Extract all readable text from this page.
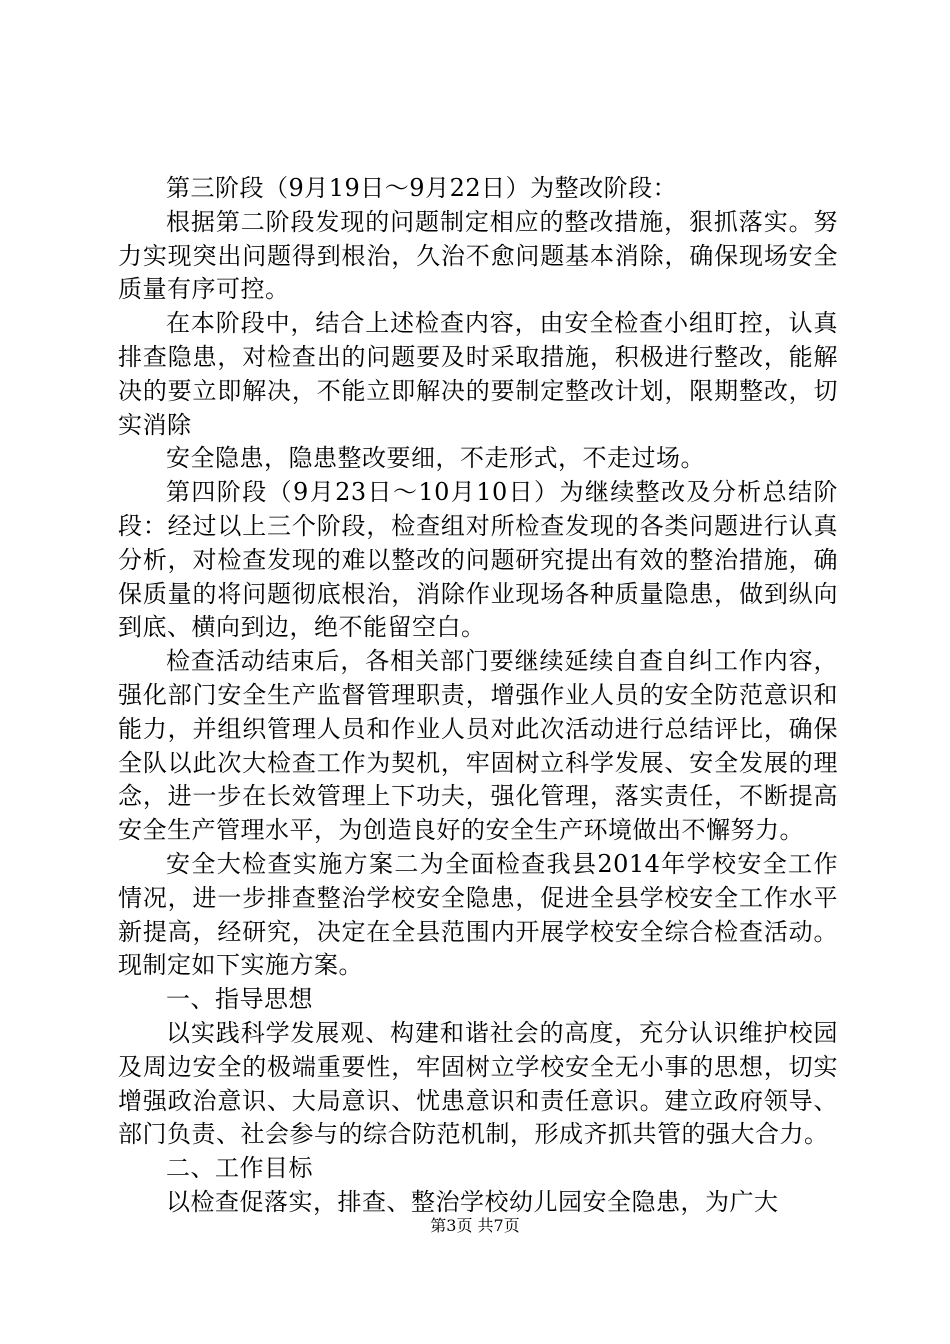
第三阶段（9月19日～9月22日）为整改阶段：

根据第二阶段发现的问题制定相应的整改措施，狠抓落实。努力实现突出问题得到根治，久治不愈问题基本消除，确保现场安全质量有序可控。

在本阶段中，结合上述检查内容，由安全检查小组盯控，认真排查隐患，对检查出的问题要及时采取措施，积极进行整改，能解决的要立即解决，不能立即解决的要制定整改计划，限期整改，切实消除

安全隐患，隐患整改要细，不走形式，不走过场。

第四阶段（9月23日～10月10日）为继续整改及分析总结阶段：经过以上三个阶段，检查组对所检查发现的各类问题进行认真分析，对检查发现的难以整改的问题研究提出有效的整治措施，确保质量的将问题彻底根治，消除作业现场各种质量隐患，做到纵向到底、横向到边，绝不能留空白。

检查活动结束后，各相关部门要继续延续自查自纠工作内容，强化部门安全生产监督管理职责，增强作业人员的安全防范意识和能力，并组织管理人员和作业人员对此次活动进行总结评比，确保全队以此次大检查工作为契机，牢固树立科学发展、安全发展的理念，进一步在长效管理上下功夫，强化管理，落实责任，不断提高安全生产管理水平，为创造良好的安全生产环境做出不懈努力。

安全大检查实施方案二为全面检查我县2014年学校安全工作情况，进一步排查整治学校安全隐患，促进全县学校安全工作水平新提高，经研究，决定在全县范围内开展学校安全综合检查活动。现制定如下实施方案。

一、指导思想

以实践科学发展观、构建和谐社会的高度，充分认识维护校园及周边安全的极端重要性，牢固树立学校安全无小事的思想，切实增强政治意识、大局意识、忧患意识和责任意识。建立政府领导、部门负责、社会参与的综合防范机制，形成齐抓共管的强大合力。

二、工作目标

以检查促落实，排查、整治学校幼儿园安全隐患，为广大

第3页 共7页
